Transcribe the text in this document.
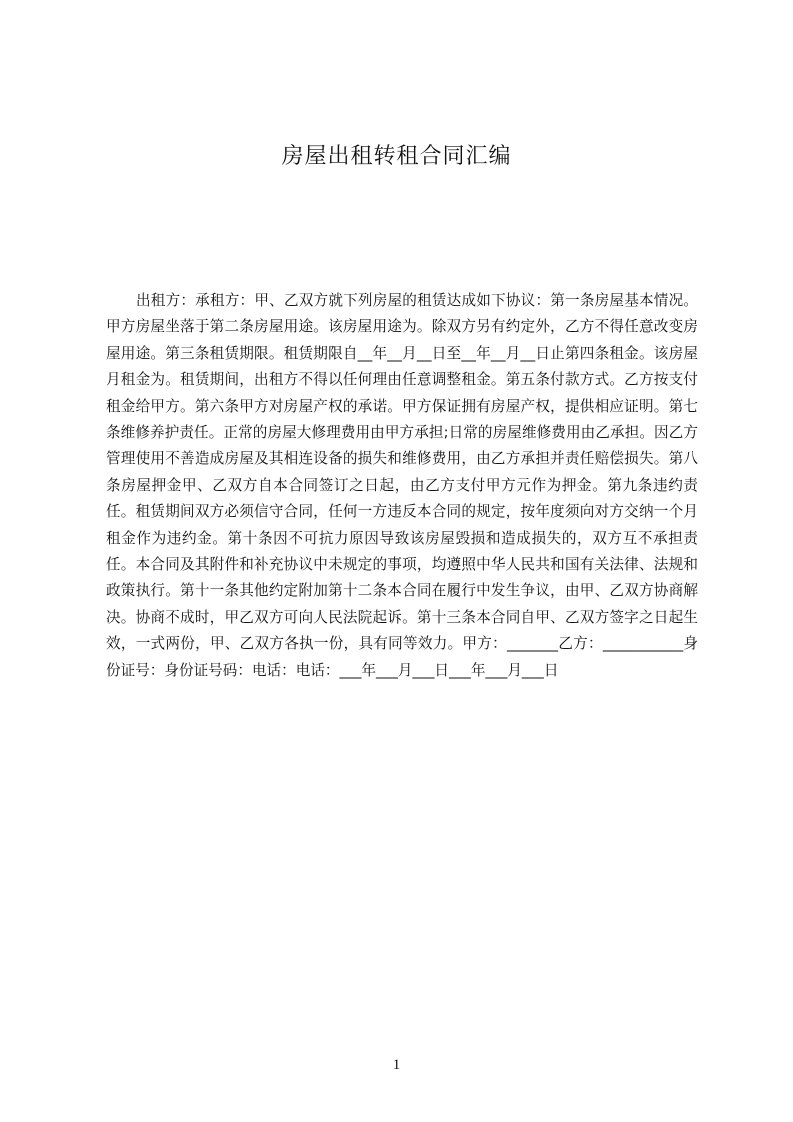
房屋出租转租合同汇编

出租方：承租方：甲、乙双方就下列房屋的租赁达成如下协议：第一条房屋基本情况。甲方房屋坐落于第二条房屋用途。该房屋用途为。除双方另有约定外，乙方不得任意改变房屋用途。第三条租赁期限。租赁期限自__年__月__日至__年__月__日止第四条租金。该房屋月租金为。租赁期间，出租方不得以任何理由任意调整租金。第五条付款方式。乙方按支付租金给甲方。第六条甲方对房屋产权的承诺。甲方保证拥有房屋产权，提供相应证明。第七条维修养护责任。正常的房屋大修理费用由甲方承担;日常的房屋维修费用由乙承担。因乙方管理使用不善造成房屋及其相连设备的损失和维修费用，由乙方承担并责任赔偿损失。第八条房屋押金甲、乙双方自本合同签订之日起，由乙方支付甲方元作为押金。第九条违约责任。租赁期间双方必须信守合同，任何一方违反本合同的规定，按年度须向对方交纳一个月租金作为违约金。第十条因不可抗力原因导致该房屋毁损和造成损失的，双方互不承担责任。本合同及其附件和补充协议中未规定的事项，均遵照中华人民共和国有关法律、法规和政策执行。第十一条其他约定附加第十二条本合同在履行中发生争议，由甲、乙双方协商解决。协商不成时，甲乙双方可向人民法院起诉。第十三条本合同自甲、乙双方签字之日起生效，一式两份，甲、乙双方各执一份，具有同等效力。甲方：_______乙方：___________身份证号：身份证号码：电话：电话：___年___月___日___年___月___日

1
